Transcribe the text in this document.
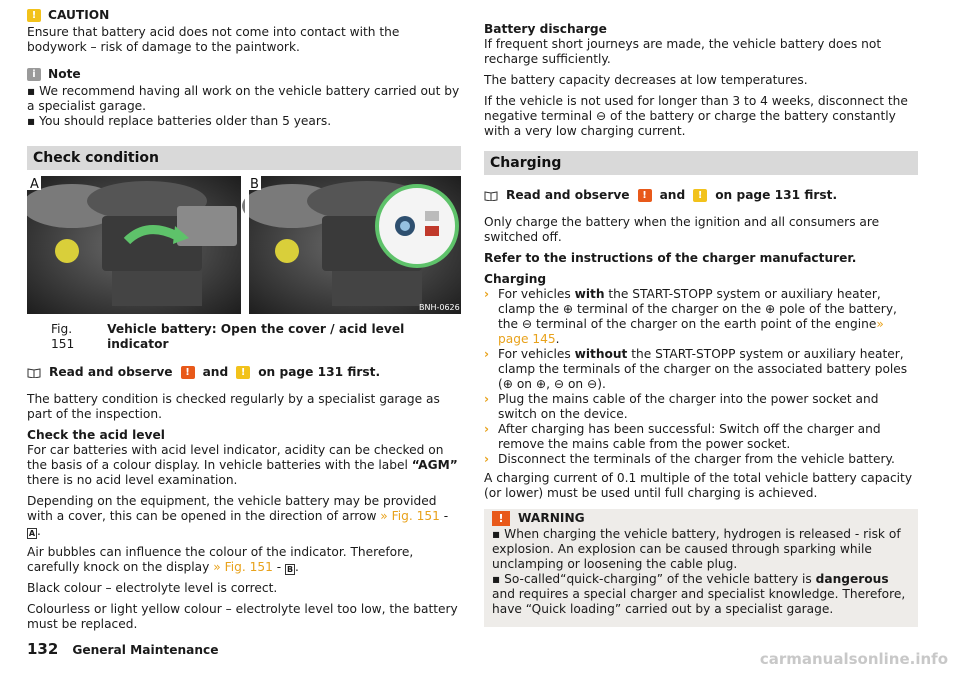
! CAUTION

Ensure that battery acid does not come into contact with the bodywork – risk of damage to the paintwork.

i	Note
▪ We recommend having all work on the vehicle battery carried out by a specialist garage.
▪ You should replace batteries older than 5 years.
Check condition
A	B
BNH-0626
Fig. 151
Vehicle battery: Open the cover / acid level indicator
Read and observe	!	and	!	on page 131 first.

The battery condition is checked regularly by a specialist garage as part of the inspection.

Check the acid level
For car batteries with acid level indicator, acidity can be checked on the basis of a colour display. In vehicle batteries with the label “AGM” there is no acid level examination.

Depending on the equipment, the vehicle battery may be provided with a cover, this can be opened in the direction of arrow » Fig. 151 - A .

Air bubbles can influence the colour of the indicator. Therefore, carefully knock on the display » Fig. 151 - B .

Black colour – electrolyte level is correct.

Colourless or light yellow colour – electrolyte level too low, the battery must be replaced.

Battery discharge

If frequent short journeys are made, the vehicle battery does not recharge sufficiently.

The battery capacity decreases at low temperatures.

If the vehicle is not used for longer than 3 to 4 weeks, disconnect the negative terminal ⊖ of the battery or charge the battery constantly with a very low charging current.

Charging
Read and observe	!	and	!	on page 131 first.

Only charge the battery when the ignition and all consumers are switched off.

Refer to the instructions of the charger manufacturer.

Charging
› For vehicles with the START-STOPP system or auxiliary heater, clamp the ⊕ terminal of the charger on the ⊕ pole of the battery, the ⊖ terminal of the charger on the earth point of the engine» page 145.
› For vehicles without the START-STOPP system or auxiliary heater, clamp the terminals of the charger on the associated battery poles (⊕ on ⊕, ⊖ on ⊖).
› Plug the mains cable of the charger into the power socket and switch on the device.
› After charging has been successful: Switch off the charger and remove the mains cable from the power socket.
› Disconnect the terminals of the charger from the vehicle battery.

A charging current of 0.1 multiple of the total vehicle battery capacity (or lower) must be used until full charging is achieved.

!	WARNING
▪ When charging the vehicle battery, hydrogen is released - risk of explosion. An explosion can be caused through sparking while unclamping or loosening the cable plug.
▪ So-called“quick-charging” of the vehicle battery is dangerous and requires a special charger and specialist knowledge. Therefore, have “Quick loading” carried out by a specialist garage.
132 General Maintenance	carmanualsonline.info
